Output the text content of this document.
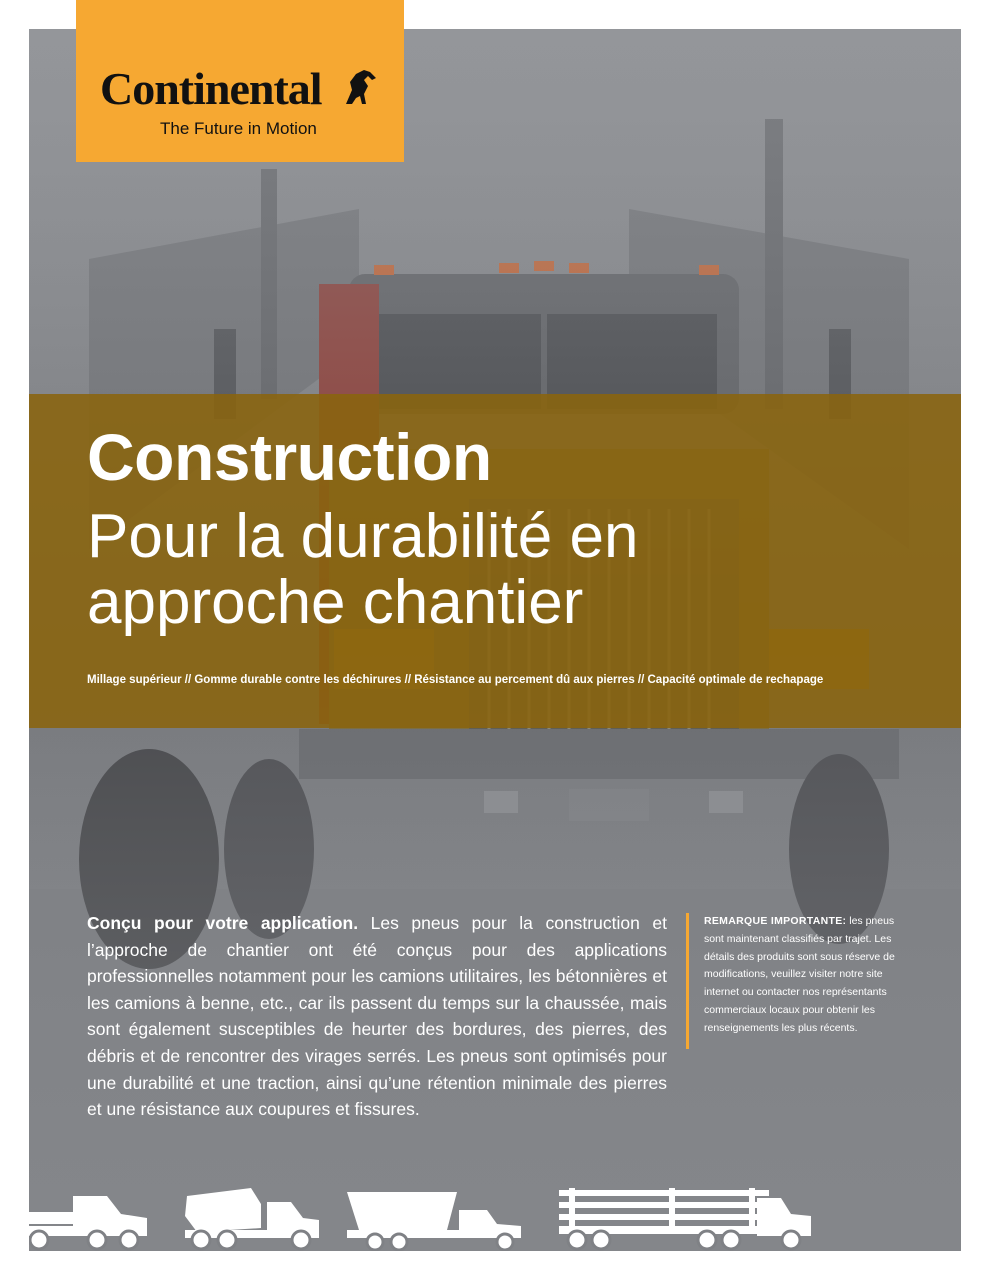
Continental
The Future in Motion
Construction
Pour la durabilité en approche chantier
Millage supérieur // Gomme durable contre les déchirures // Résistance au percement dû aux pierres // Capacité optimale de rechapage
Conçu pour votre application. Les pneus pour la construction et l’approche de chantier ont été conçus pour des applications professionnelles notamment pour les camions utilitaires, les bétonnières et les camions à benne, etc., car ils passent du temps sur la chaussée, mais sont également susceptibles de heurter des bordures, des pierres, des débris et de rencontrer des virages serrés. Les pneus sont optimisés pour une durabilité et une traction, ainsi qu’une rétention minimale des pierres et une résistance aux coupures et fissures.
REMARQUE IMPORTANTE: les pneus sont maintenant classifiés par trajet. Les détails des produits sont sous réserve de modifications, veuillez visiter notre site internet ou contacter nos représentants commerciaux locaux pour obtenir les renseignements les plus récents.
